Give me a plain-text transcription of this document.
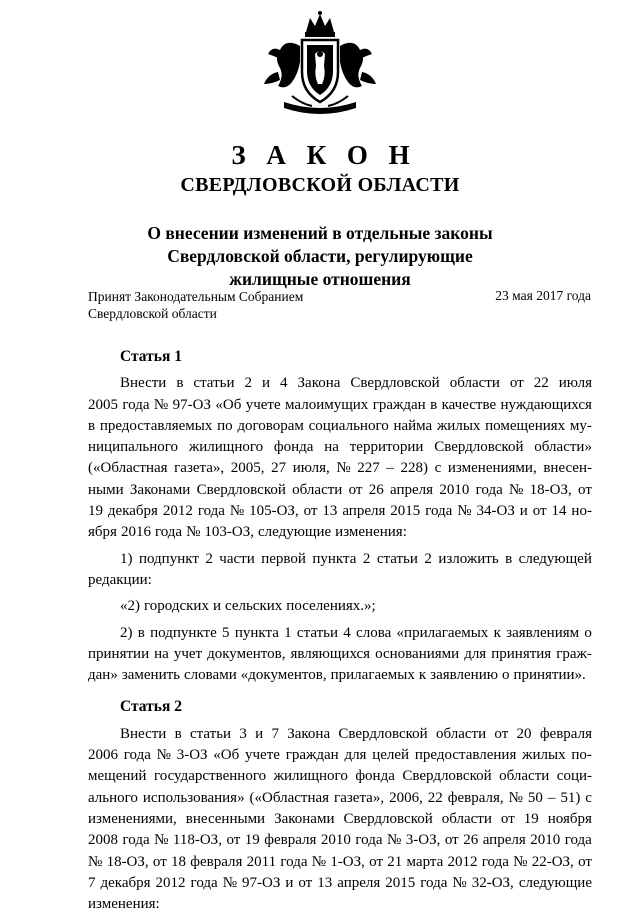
З А К О Н
СВЕРДЛОВСКОЙ ОБЛАСТИ
О внесении изменений в отдельные законы
Свердловской области, регулирующие
жилищные отношения
Принят Законодательным Собранием
Свердловской области
23 мая 2017 года
Статья 1
Внести в статьи 2 и 4 Закона Свердловской области от 22 июля
2005 года № 97-ОЗ «Об учете малоимущих граждан в качестве нуждающихся
в предоставляемых по договорам социального найма жилых помещениях му-
ниципального жилищного фонда на территории Свердловской области»
(«Областная газета», 2005, 27 июля, № 227 – 228) с изменениями, внесен-
ными Законами Свердловской области от 26 апреля 2010 года № 18-ОЗ, от
19 декабря 2012 года № 105-ОЗ, от 13 апреля 2015 года № 34-ОЗ и от 14 но-
ября 2016 года № 103-ОЗ, следующие изменения:
1) подпункт 2 части первой пункта 2 статьи 2 изложить в следующей
редакции:
«2) городских и сельских поселениях.»;
2) в подпункте 5 пункта 1 статьи 4 слова «прилагаемых к заявлениям о
принятии на учет документов, являющихся основаниями для принятия граж-
дан» заменить словами «документов, прилагаемых к заявлению о принятии».
Статья 2
Внести в статьи 3 и 7 Закона Свердловской области от 20 февраля
2006 года № 3-ОЗ «Об учете граждан для целей предоставления жилых по-
мещений государственного жилищного фонда Свердловской области соци-
ального использования» («Областная газета», 2006, 22 февраля, № 50 – 51) с
изменениями, внесенными Законами Свердловской области от 19 ноября
2008 года № 118-ОЗ, от 19 февраля 2010 года № 3-ОЗ, от 26 апреля 2010 года
№ 18-ОЗ, от 18 февраля 2011 года № 1-ОЗ, от 21 марта 2012 года № 22-ОЗ, от
7 декабря 2012 года № 97-ОЗ и от 13 апреля 2015 года № 32-ОЗ, следующие
изменения:
